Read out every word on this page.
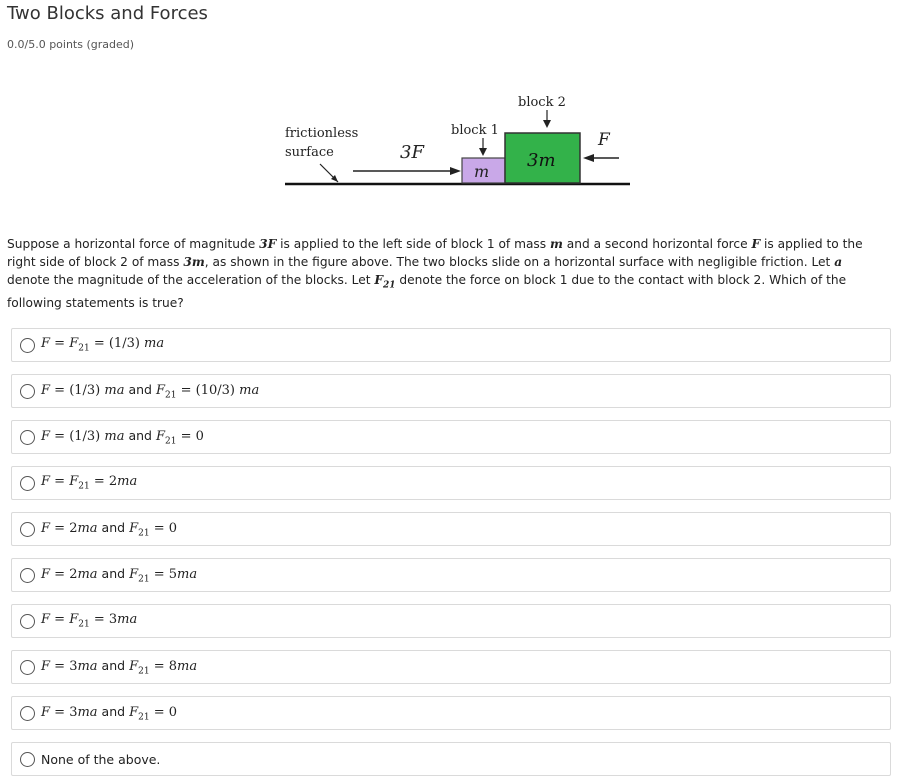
Two Blocks and Forces
0.0/5.0 points (graded)
frictionless
surface	3F
m
block 1
3m
block 2
F
Suppose a horizontal force of magnitude 3F is applied to the left side of block 1 of mass m and a second horizontal force F is applied to the right side of block 2 of mass 3m, as shown in the figure above. The two blocks slide on a horizontal surface with negligible friction. Let a denote the magnitude of the acceleration of the blocks. Let $F_{21}$ denote the force on block 1 due to the contact with block 2. Which of the following statements is true?
$F = F_{21} = (1/3)$ ma
F = (1/3) ma and $F_{21} = (10/3)$ ma
F = (1/3) ma and $F_{21} = 0$
$F = F_{21} = 2ma$
F = 2ma and $F_{21} = 0$
F = 2ma and $F_{21} = 5ma$
$F = F_{21} = 3ma$
F = 3ma and $F_{21} = 8ma$
F = 3ma and $F_{21} = 0$
None of the above.
